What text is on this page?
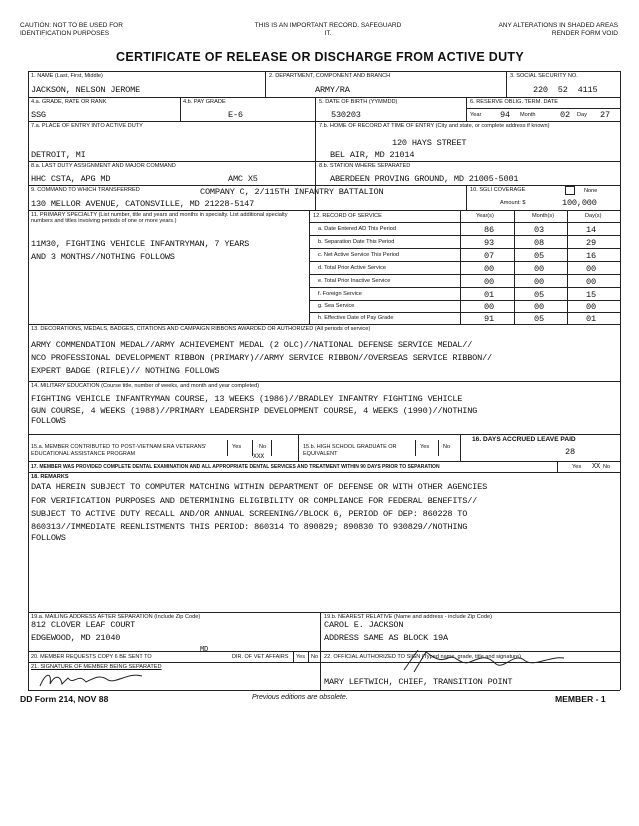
CAUTION: NOT TO BE USED FOR IDENTIFICATION PURPOSES
THIS IS AN IMPORTANT RECORD. SAFEGUARD IT.
ANY ALTERATIONS IN SHADED AREAS RENDER FORM VOID
CERTIFICATE OF RELEASE OR DISCHARGE FROM ACTIVE DUTY
1. NAME (Last, First, Middle)
JACKSON, NELSON JEROME
2. DEPARTMENT, COMPONENT AND BRANCH
ARMY/RA
3. SOCIAL SECURITY NO.
220  52  4115
4.a. GRADE, RATE OR RANK
SSG
4.b. PAY GRADE
E-6
5. DATE OF BIRTH (YYMMDD)
530203
6. RESERVE OBLIG. TERM. DATE
Year 94 Month	02 Day 27
7.a. PLACE OF ENTRY INTO ACTIVE DUTY
DETROIT, MI
7.b. HOME OF RECORD AT TIME OF ENTRY (City and state, or complete address if known)
120 HAYS STREET
BEL AIR, MD 21014
8.a. LAST DUTY ASSIGNMENT AND MAJOR COMMAND
HHC CSTA, APG MD	AMC X5
8.b. STATION WHERE SEPARATED
ABERDEEN PROVING GROUND, MD 21005-5001
9. COMMAND TO WHICH TRANSFERRED	COMPANY C, 2/115TH INFANTRY BATTALION
130 MELLOR AVENUE, CATONSVILLE, MD 21228-5147
10. SGLI COVERAGE	None
Amount: $	100,000
11. PRIMARY SPECIALTY (List number, title and years and months in specialty. List additional specialty numbers and titles involving periods of one or more years.)
11M30, FIGHTING VEHICLE INFANTRYMAN, 7 YEARS
AND 3 MONTHS//NOTHING FOLLOWS
12. RECORD OF SERVICE	Year(s)	Month(s)	Day(s)
a. Date Entered AD This Period	86	03	14
b. Separation Date This Period	93	08	29
c. Net Active Service This Period	07	05	16
d. Total Prior Active Service	00	00	00
e. Total Prior Inactive Service	00	00	00
f. Foreign Service	01	05	15
g. Sea Service	00	00	00
h. Effective Date of Pay Grade	91	05	01
13. DECORATIONS, MEDALS, BADGES, CITATIONS AND CAMPAIGN RIBBONS AWARDED OR AUTHORIZED (All periods of service)
ARMY COMMENDATION MEDAL//ARMY ACHIEVEMENT MEDAL (2 OLC)//NATIONAL DEFENSE SERVICE MEDAL//
NCO PROFESSIONAL DEVELOPMENT RIBBON (PRIMARY)//ARMY SERVICE RIBBON//OVERSEAS SERVICE RIBBON//
EXPERT BADGE (RIFLE)// NOTHING FOLLOWS
14. MILITARY EDUCATION (Course title, number of weeks, and month and year completed)
FIGHTING VEHICLE INFANTRYMAN COURSE, 13 WEEKS (1986)//BRADLEY INFANTRY FIGHTING VEHICLE
GUN COURSE, 4 WEEKS (1988)//PRIMARY LEADERSHIP DEVELOPMENT COURSE, 4 WEEKS (1990)//NOTHING
FOLLOWS
15.a. MEMBER CONTRIBUTED TO POST-VIETNAM ERA VETERANS' EDUCATIONAL ASSISTANCE PROGRAM
Yes	No	15.b. HIGH SCHOOL GRADUATE OR EQUIVALENT
Yes No
XXX
16. DAYS ACCRUED LEAVE PAID
28
17. MEMBER WAS PROVIDED COMPLETE DENTAL EXAMINATION AND ALL APPROPRIATE DENTAL SERVICES AND TREATMENT WITHIN 90 DAYS PRIOR TO SEPARATION	Yes XX No
18. REMARKS
DATA HEREIN SUBJECT TO COMPUTER MATCHING WITHIN DEPARTMENT OF DEFENSE OR WITH OTHER AGENCIES
FOR VERIFICATION PURPOSES AND DETERMINING ELIGIBILITY OR COMPLIANCE FOR FEDERAL BENEFITS//
SUBJECT TO ACTIVE DUTY RECALL AND/OR ANNUAL SCREENING//BLOCK 6, PERIOD OF DEP: 860228 TO
860313//IMMEDIATE REENLISTMENTS THIS PERIOD: 860314 TO 890829; 890830 TO 930829//NOTHING
FOLLOWS
19.a. MAILING ADDRESS AFTER SEPARATION (Include Zip Code)
812 CLOVER LEAF COURT
EDGEWOOD, MD 21040
19.b. NEAREST RELATIVE (Name and address - include Zip Code)
CAROL E. JACKSON
ADDRESS SAME AS BLOCK 19A
20. MEMBER REQUESTS COPY 6 BE SENT TO
MD
DIR. OF VET AFFAIRS Yes No
21. SIGNATURE OF MEMBER BEING SEPARATED
22. OFFICIAL AUTHORIZED TO SIGN (Typed name, grade, title and signature)
MARY LEFTWICH, CHIEF, TRANSITION POINT
DD Form 214, NOV 88	Previous editions are obsolete.	MEMBER - 1
